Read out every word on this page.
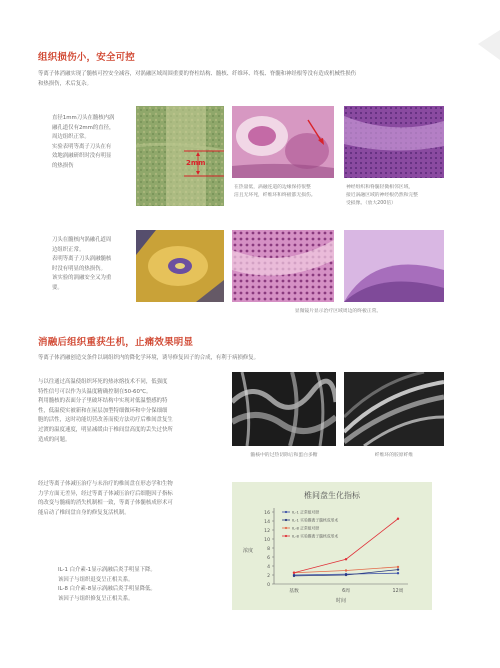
组织损伤小，安全可控
等离子体消融实现了髓核可控安全减容，对涡融区域周围重要的脊柱结构、髓核、纤维环、终板、脊髓和神经根等没有造成机械性损伤
和热损伤，术后复杂。
直径1mm刀头在髓核内涡
融孔道仅有2mm的直径，
周边组织正常。
实验表明等离子刀头在有
效地涡融研织时没有明显
的热损伤	2mm
在热量低，涡融连道的边缘保持很整
洁且无坏死，纤维环和终板都无损伤。
神经组织和脊髓轻微相邻区域，
接近涡融区域的神经根仍然和完整
受损像。（放大200倍）
刀头在髓核内涡融孔道周
边组织正常。
表明等离子刀头涡融髓核
时没有明显的热损伤。
该实验的涡融安全又为重
要。
显微镜片显示治疗区域周边的终板正常。
消融后组织重获生机，止痛效果明显
等离子体消融创造交条件以调组织内的降化学环境，诱导修复因子的合成，有利于病损修复。
与以往通过高温使组织坏死的热冰熔技术不同，低强度
特性信号可以作为头温度精确控制在50-60℃。
利用髓核的表面分子里破坏结构中实现对低温整感的特
性，低温使实被新和在屋层加型特细做环和中分保细细
胞的活性，这时功能切营改善而使方法功疗后椎间盘复生
过渡的温度速度，明显减缓由于椎间盘高度的丢失过快所
造成的问题。
髓核中的过热切除后和蛋白多糖	纤维环的胶原纤维
经过等离子体减压治疗与未治疗的椎间盘在形态学和生物
力学方面无差异，经过等离子体减压治疗后细胞因子指标
的改变与髓痛的消失机制相一致，等离子体髓核成形术可
能启动了椎间盘自身的修复复活机制。
IL-1 白介素-1显示涡融后炎手明显下降。
该因子与组织退变呈正相关系。
IL-8 白介素-8显示涡融后炎手明显降低。
该因子与组织修复呈正相关系。
椎间盘生化指标
0
2
4
6
8
10
12
14
16
基数	6周	12周
时间
浓度
IL-1 正常组对照
IL-1 实验膜离子髓核成形术
IL-8 正常组对照
IL-8 实验膜离子髓核成形术
